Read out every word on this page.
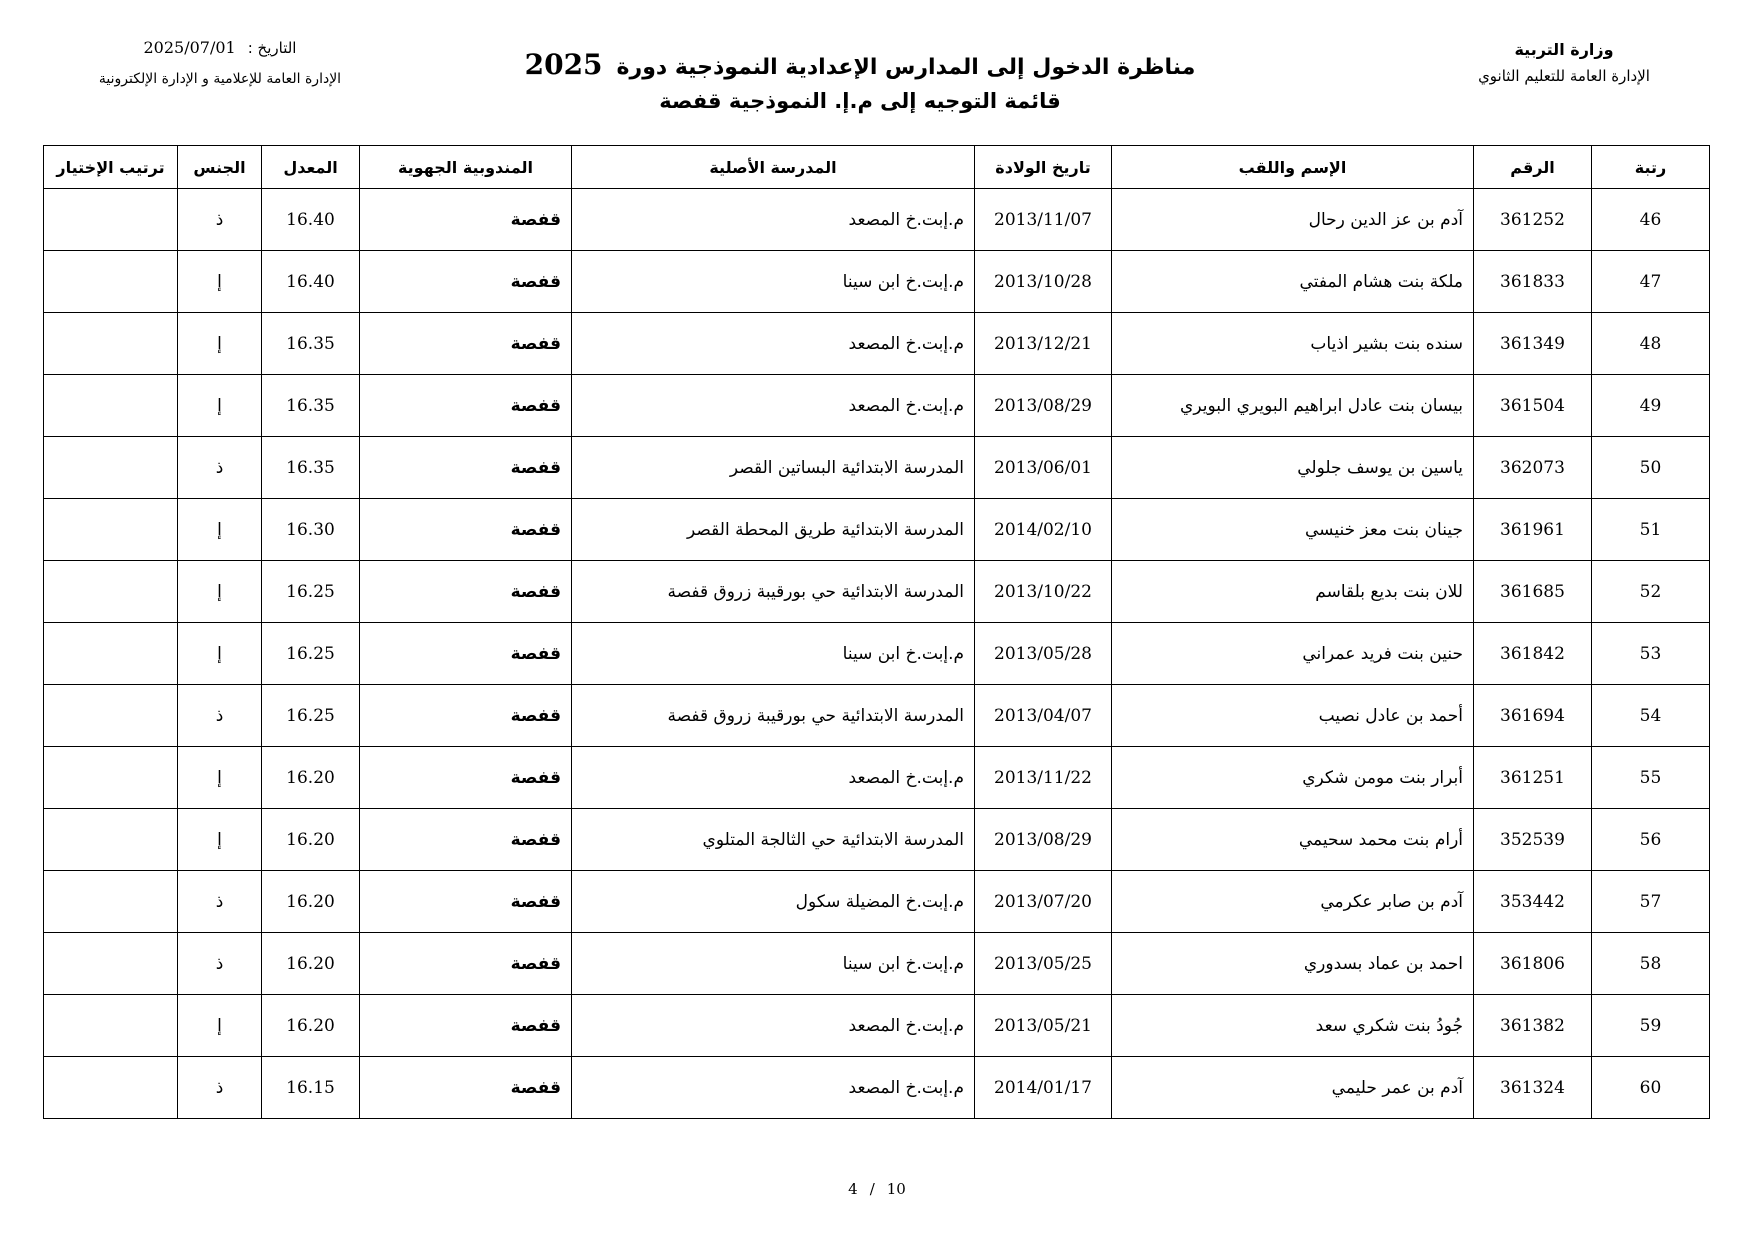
وزارة التربية
الإدارة العامة للتعليم الثانوي
مناظرة الدخول إلى المدارس الإعدادية النموذجية دورة2025
قائمة التوجيه إلى م.إ. النموذجية قفصة
التاريخ :2025/07/01
الإدارة العامة للإعلامية و الإدارة الإلكترونية
رتبة	الرقم	الإسم واللقب	تاريخ الولادة	المدرسة الأصلية	المندوبية الجهوية	المعدل	الجنس	ترتيب الإختيار
46	361252	آدم بن عز الدين رحال	2013/11/07	م.إبت.خ المصعد	قفصة	16.40	ذ	
47	361833	ملكة بنت هشام المفتي	2013/10/28	م.إبت.خ ابن سينا	قفصة	16.40	إ	
48	361349	سنده بنت بشير اذياب	2013/12/21	م.إبت.خ المصعد	قفصة	16.35	إ	
49	361504	بيسان بنت عادل ابراهيم البويري البويري	2013/08/29	م.إبت.خ المصعد	قفصة	16.35	إ	
50	362073	ياسين بن يوسف جلولي	2013/06/01	المدرسة الابتدائية البساتين القصر	قفصة	16.35	ذ	
51	361961	جينان بنت معز خنيسي	2014/02/10	المدرسة الابتدائية طريق المحطة القصر	قفصة	16.30	إ	
52	361685	للان بنت بديع بلقاسم	2013/10/22	المدرسة الابتدائية حي بورقيبة زروق قفصة	قفصة	16.25	إ	
53	361842	حنين بنت فريد عمراني	2013/05/28	م.إبت.خ ابن سينا	قفصة	16.25	إ	
54	361694	أحمد بن عادل نصيب	2013/04/07	المدرسة الابتدائية حي بورقيبة زروق قفصة	قفصة	16.25	ذ	
55	361251	أبرار بنت مومن شكري	2013/11/22	م.إبت.خ المصعد	قفصة	16.20	إ	
56	352539	أرام بنت محمد سحيمي	2013/08/29	المدرسة الابتدائية حي الثالجة المتلوي	قفصة	16.20	إ	
57	353442	آدم بن صابر عكرمي	2013/07/20	م.إبت.خ المضيلة سكول	قفصة	16.20	ذ	
58	361806	احمد بن عماد بسدوري	2013/05/25	م.إبت.خ ابن سينا	قفصة	16.20	ذ	
59	361382	جُودُ بنت شكري سعد	2013/05/21	م.إبت.خ المصعد	قفصة	16.20	إ	
60	361324	آدم بن عمر حليمي	2014/01/17	م.إبت.خ المصعد	قفصة	16.15	ذ	
4 / 10
